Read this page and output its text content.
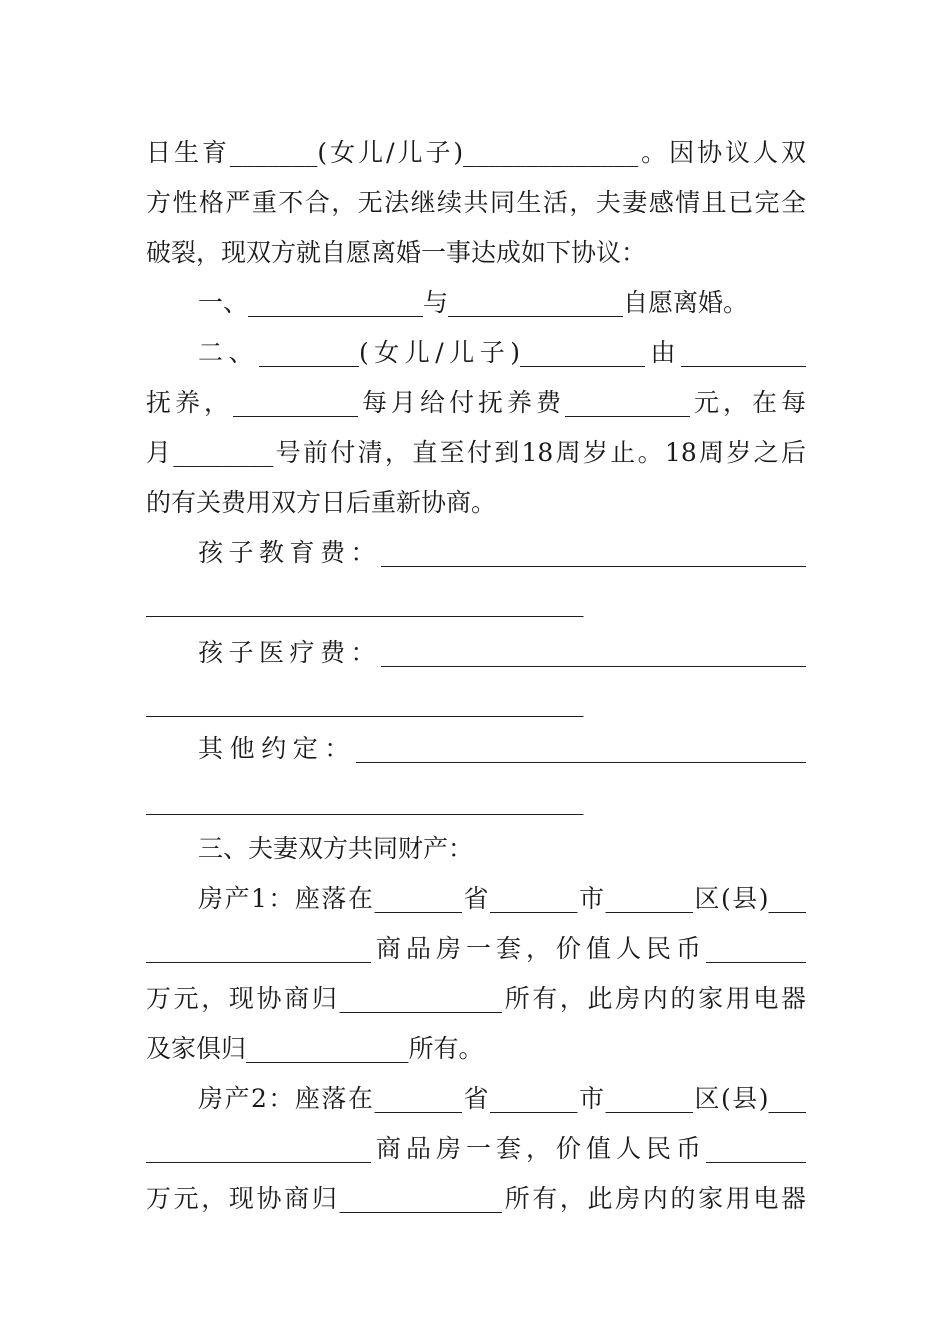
日生育_______(女儿/儿子)______________。因协议人双
方性格严重不合，无法继续共同生活，夫妻感情且已完全
破裂，现双方就自愿离婚一事达成如下协议：
一、______________与______________自愿离婚。
二、________(女儿/儿子)__________由__________
抚养，__________每月给付抚养费__________元，在每
月________号前付清，直至付到18周岁止。18周岁之后
的有关费用双方日后重新协商。
孩子教育费：__________________________________
___________________________________
孩子医疗费：__________________________________
___________________________________
其他约定：____________________________________
___________________________________
三、夫妻双方共同财产：
房产1：座落在_______省_______市_______区(县)___
__________________商品房一套，价值人民币________
万元，现协商归_____________所有，此房内的家用电器
及家俱归_____________所有。
房产2：座落在_______省_______市_______区(县)___
__________________商品房一套，价值人民币________
万元，现协商归_____________所有，此房内的家用电器
